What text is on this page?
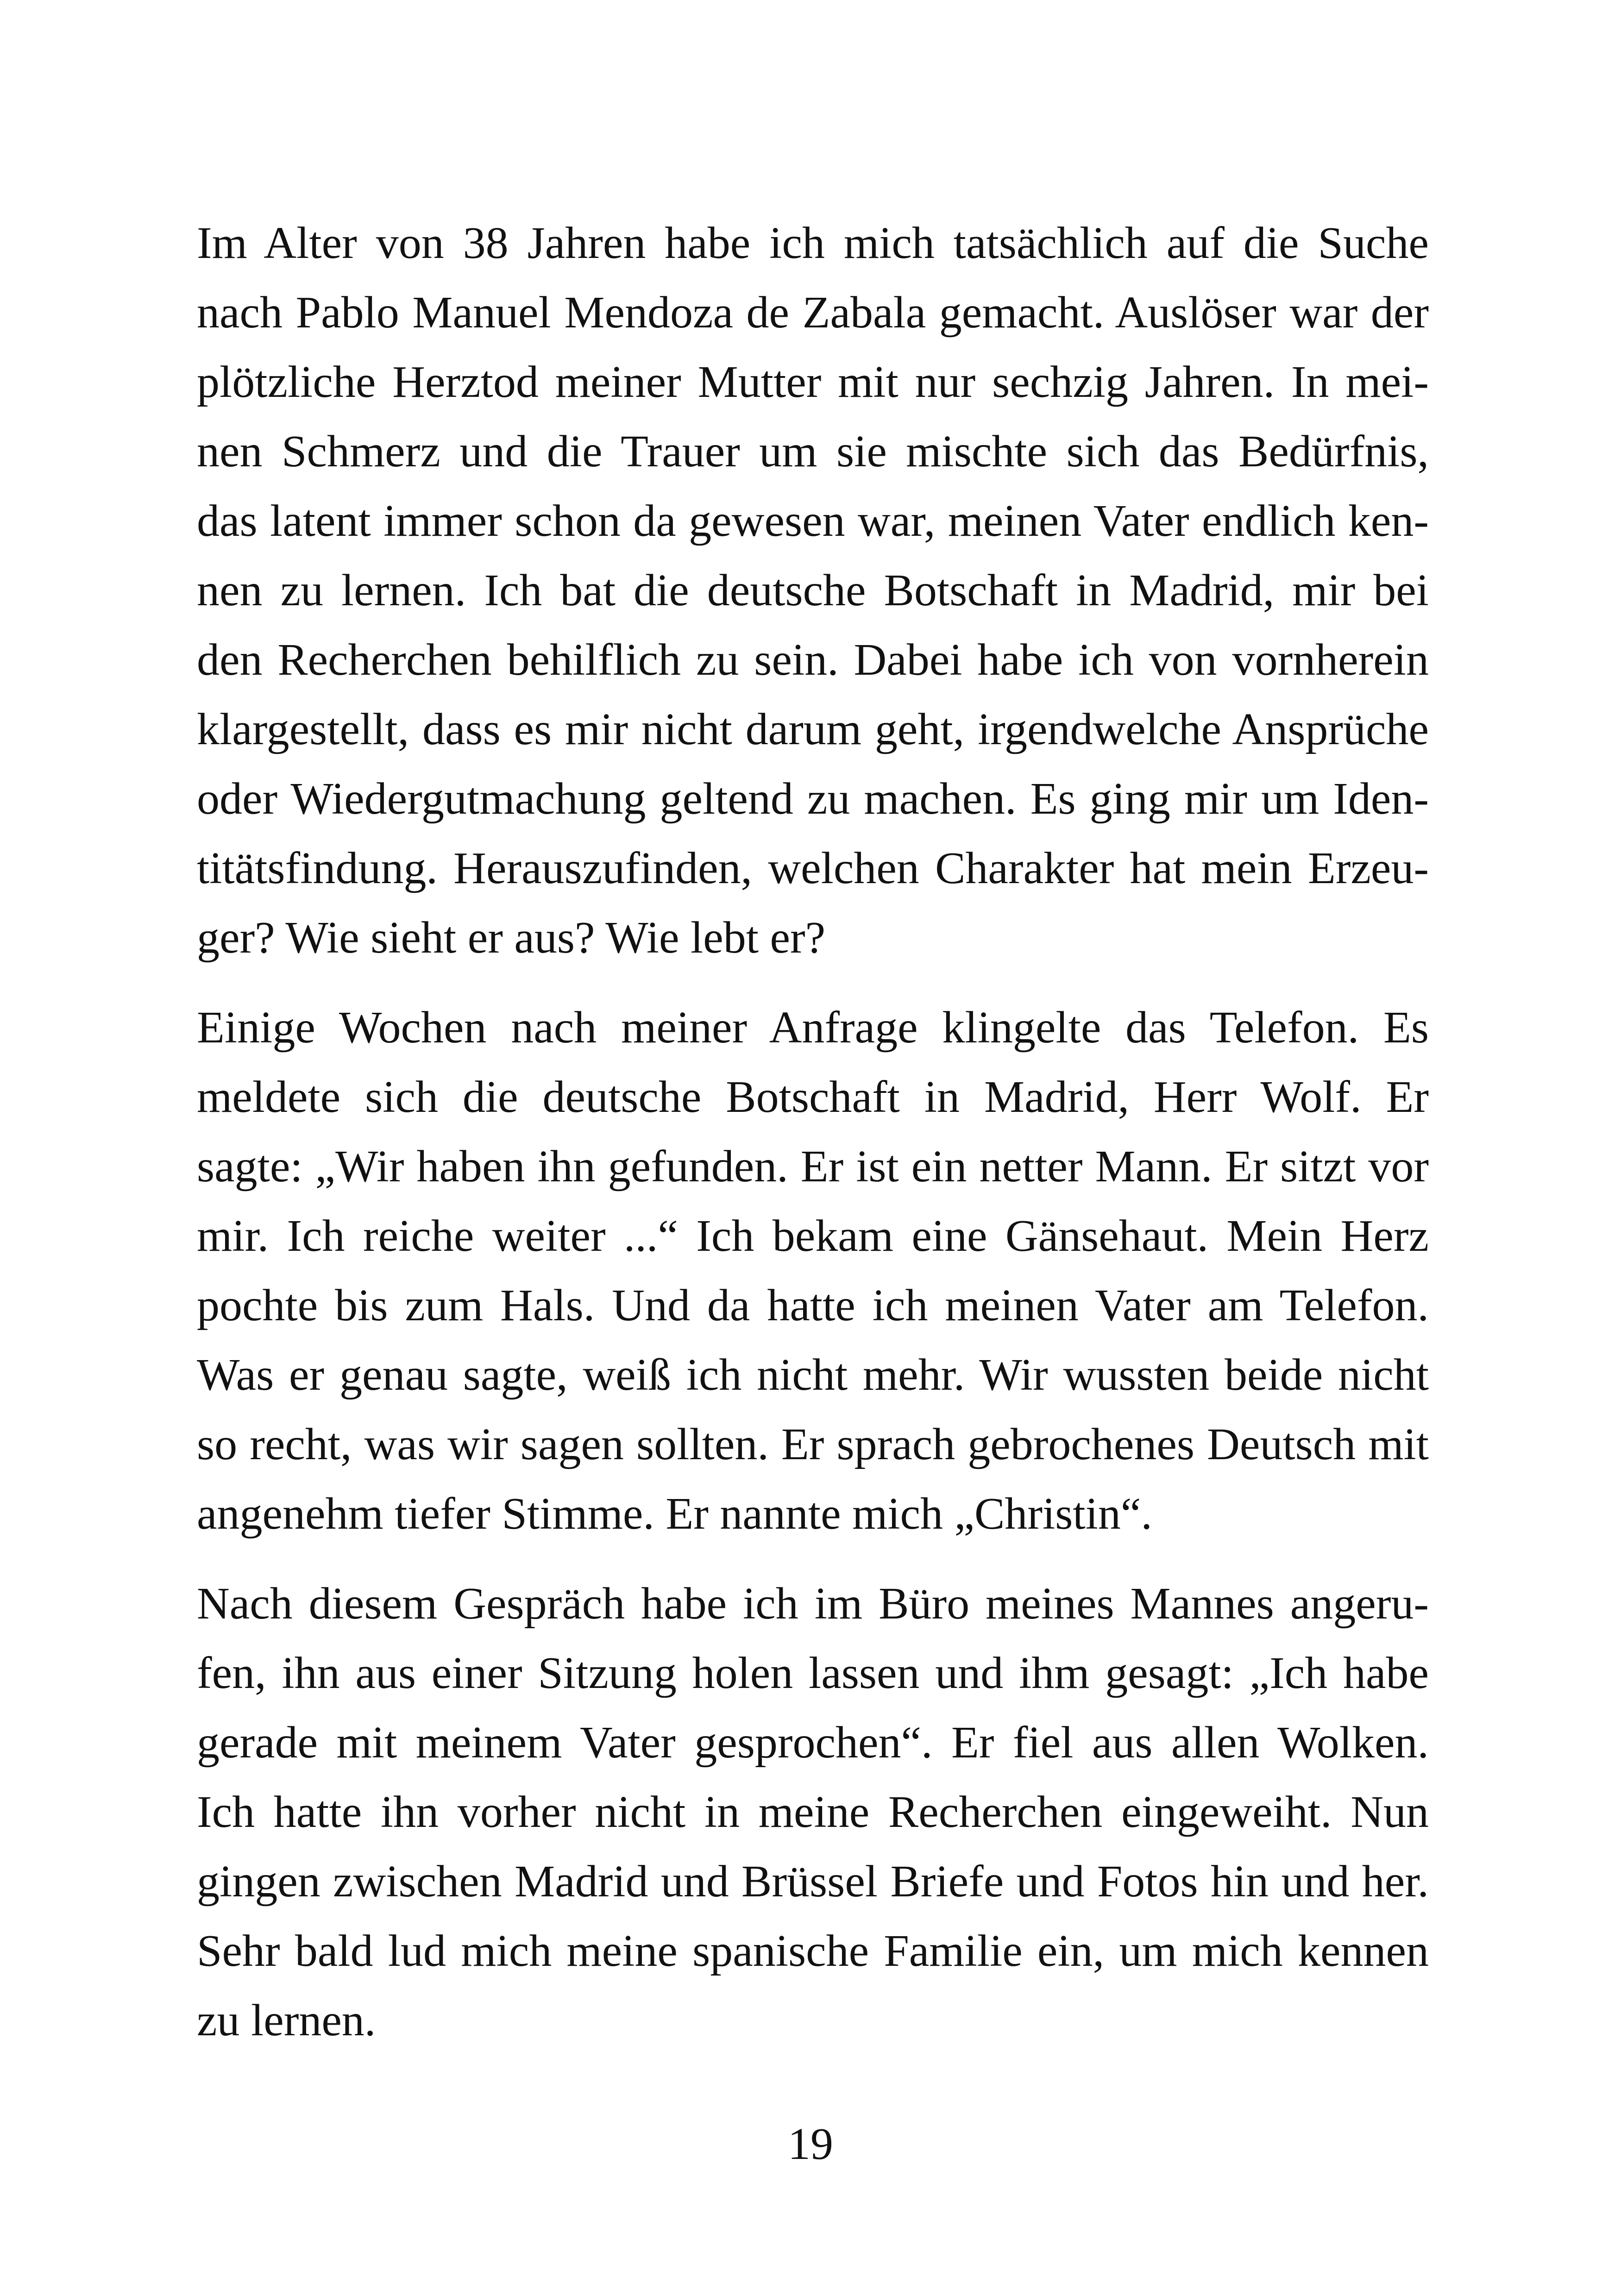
Im Alter von 38 Jahren habe ich mich tatsächlich auf die Suche
nach Pablo Manuel Mendoza de Zabala gemacht. Auslöser war der
plötzliche Herztod meiner Mutter mit nur sechzig Jahren. In mei-
nen Schmerz und die Trauer um sie mischte sich das Bedürfnis,
das latent immer schon da gewesen war, meinen Vater endlich ken-
nen zu lernen. Ich bat die deutsche Botschaft in Madrid, mir bei
den Recherchen behilflich zu sein. Dabei habe ich von vornherein
klargestellt, dass es mir nicht darum geht, irgendwelche Ansprüche
oder Wiedergutmachung geltend zu machen. Es ging mir um Iden-
titätsfindung. Herauszufinden, welchen Charakter hat mein Erzeu-
ger? Wie sieht er aus? Wie lebt er?
Einige Wochen nach meiner Anfrage klingelte das Telefon. Es
meldete sich die deutsche Botschaft in Madrid, Herr Wolf. Er
sagte: „Wir haben ihn gefunden. Er ist ein netter Mann. Er sitzt vor
mir. Ich reiche weiter ...“ Ich bekam eine Gänsehaut. Mein Herz
pochte bis zum Hals. Und da hatte ich meinen Vater am Telefon.
Was er genau sagte, weiß ich nicht mehr. Wir wussten beide nicht
so recht, was wir sagen sollten. Er sprach gebrochenes Deutsch mit
angenehm tiefer Stimme. Er nannte mich „Christin“.
Nach diesem Gespräch habe ich im Büro meines Mannes angeru-
fen, ihn aus einer Sitzung holen lassen und ihm gesagt: „Ich habe
gerade mit meinem Vater gesprochen“. Er fiel aus allen Wolken.
Ich hatte ihn vorher nicht in meine Recherchen eingeweiht. Nun
gingen zwischen Madrid und Brüssel Briefe und Fotos hin und her.
Sehr bald lud mich meine spanische Familie ein, um mich kennen
zu lernen.
19
